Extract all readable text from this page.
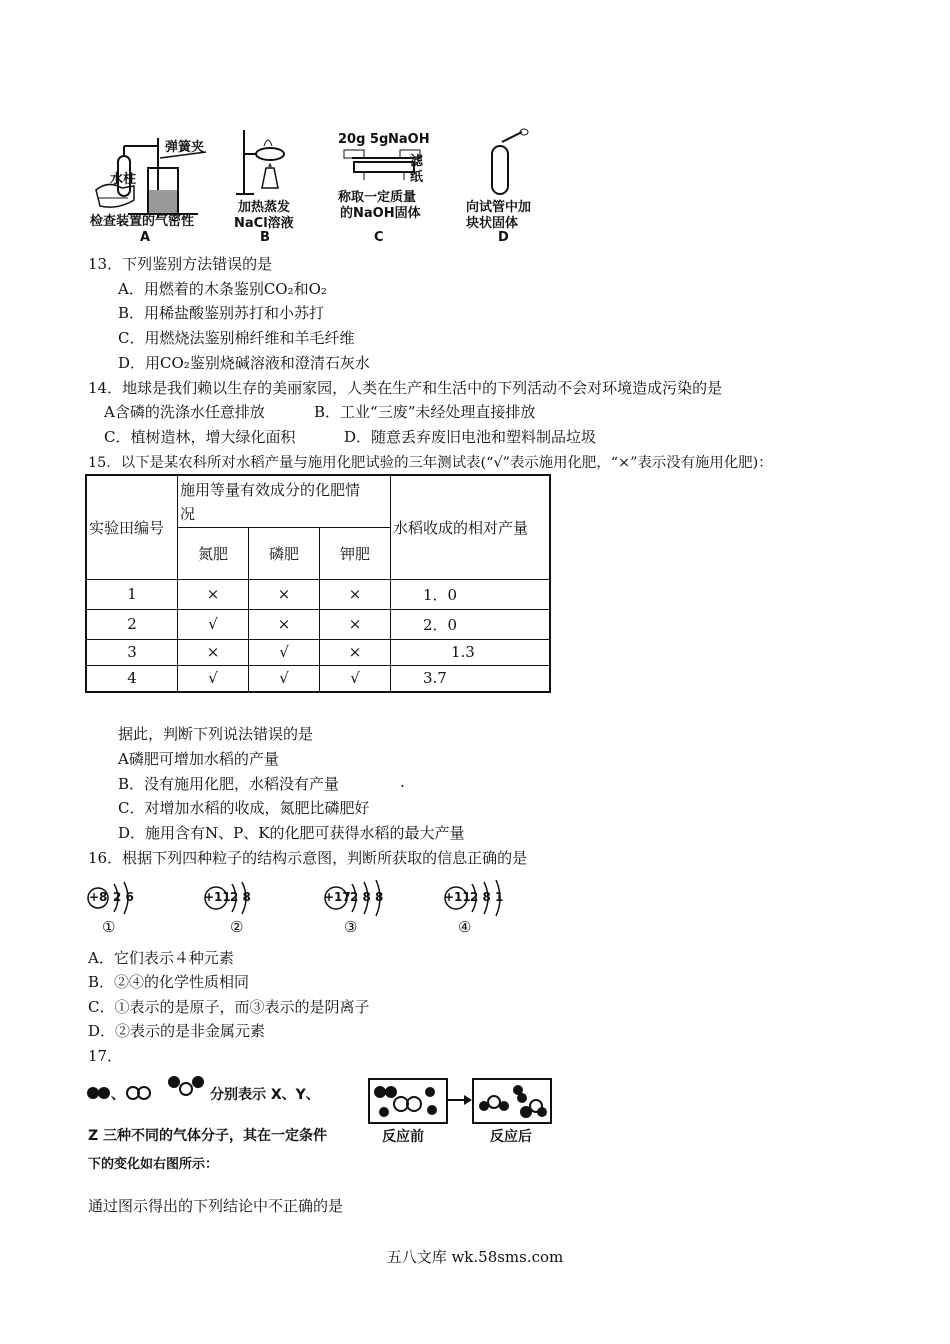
水柱
弹簧夹
检查装置的气密性
A
加热蒸发
NaCl溶液
B
20g 5g NaOH
滤
纸
称取一定质量
的NaOH固体
C
向试管中加
块状固体
D
13．下列鉴别方法错误的是
A．用燃着的木条鉴别CO₂和O₂
B．用稀盐酸鉴别苏打和小苏打
C．用燃烧法鉴别棉纤维和羊毛纤维
D．用CO₂鉴别烧碱溶液和澄清石灰水
14．地球是我们赖以生存的美丽家园，人类在生产和生活中的下列活动不会对环境造成污染的是
A含磷的洗涤水任意排放	B．工业“三废”未经处理直接排放
C．植树造林，增大绿化面积	D．随意丢弃废旧电池和塑料制品垃圾
15．以下是某农科所对水稻产量与施用化肥试验的三年测试表(“√”表示施用化肥，“×”表示没有施用化肥)：
实验田编号	施用等量有效成分的化肥情
况			水稻收成的相对产量
	氮肥	磷肥	钾肥	
1	×	×	×	1．0
2	√	×	×	2．0
3	×	√	×	1.3
4	√	√	√	3.7
据此，判断下列说法错误的是
A磷肥可增加水稻的产量
B．没有施用化肥，水稻没有产量	.
C．对增加水稻的收成，氮肥比磷肥好
D．施用含有N、P、K的化肥可获得水稻的最大产量
16．根据下列四种粒子的结构示意图，判断所获取的信息正确的是
+8 2 6
①
+11 2 8
②
+17 2 8 8
③
+11 2 8 1
④
A．它们表示４种元素
B．②④的化学性质相同
C．①表示的是原子，而③表示的是阴离子
D．②表示的是非金属元素
17．
、	分别表示 X、Y、
Z 三种不同的气体分子，其在一定条件
下的变化如右图所示：
反应前	反应后
通过图示得出的下列结论中不正确的是
五八文库 wk.58sms.com
